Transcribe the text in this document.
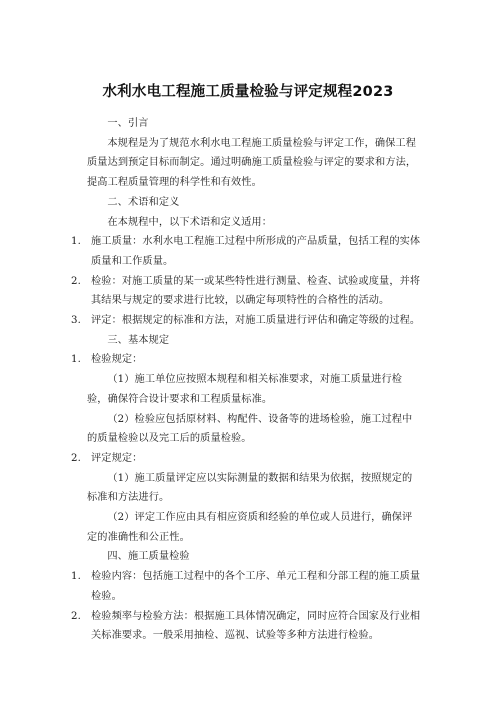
水利水电工程施工质量检验与评定规程2023

一、引言

本规程是为了规范水利水电工程施工质量检验与评定工作，确保工程质量达到预定目标而制定。通过明确施工质量检验与评定的要求和方法，提高工程质量管理的科学性和有效性。

二、术语和定义

在本规程中，以下术语和定义适用：

1. 施工质量：水利水电工程施工过程中所形成的产品质量，包括工程的实体质量和工作质量。
2. 检验：对施工质量的某一或某些特性进行测量、检查、试验或度量，并将其结果与规定的要求进行比较，以确定每项特性的合格性的活动。
3. 评定：根据规定的标准和方法，对施工质量进行评估和确定等级的过程。

三、基本规定

1. 检验规定：

（1）施工单位应按照本规程和相关标准要求，对施工质量进行检验，确保符合设计要求和工程质量标准。

（2）检验应包括原材料、构配件、设备等的进场检验，施工过程中的质量检验以及完工后的质量检验。

2. 评定规定：

（1）施工质量评定应以实际测量的数据和结果为依据，按照规定的标准和方法进行。

（2）评定工作应由具有相应资质和经验的单位或人员进行，确保评定的准确性和公正性。

四、施工质量检验

1. 检验内容：包括施工过程中的各个工序、单元工程和分部工程的施工质量检验。
2. 检验频率与检验方法：根据施工具体情况确定，同时应符合国家及行业相关标准要求。一般采用抽检、巡视、试验等多种方法进行检验。
